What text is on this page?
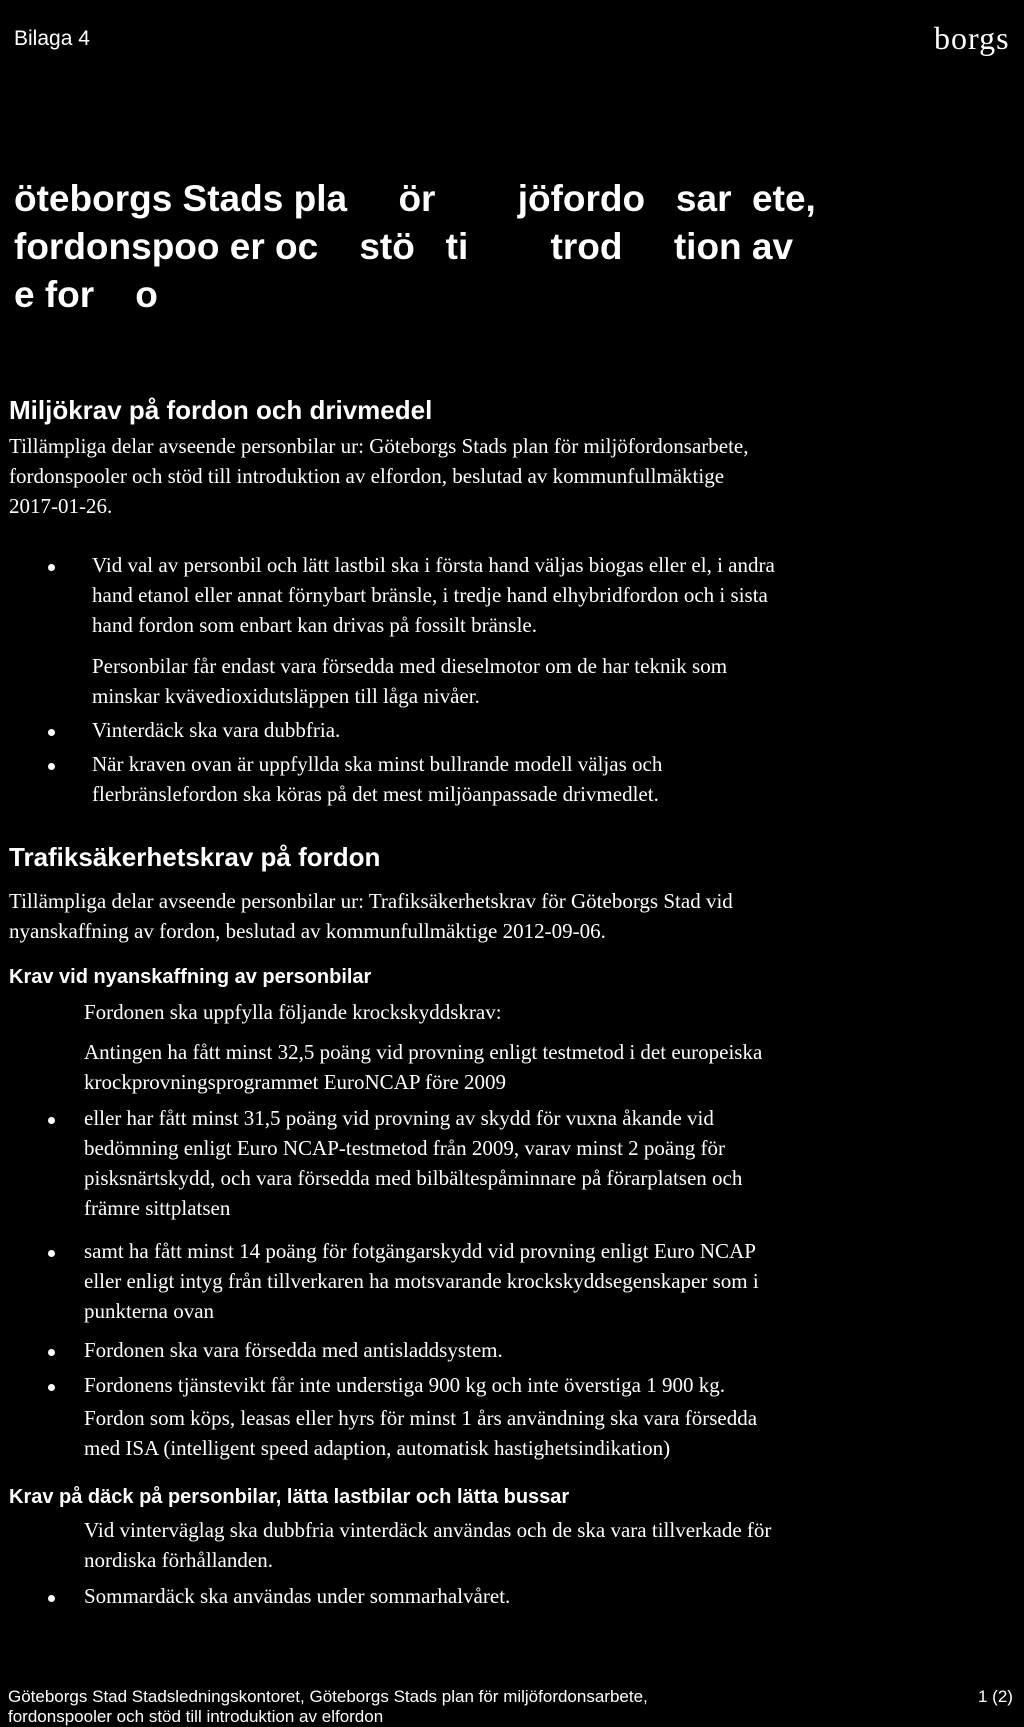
Bilaga 4	borgs
öteborgs Stads pla     ör        jöfordo   sar  ete,
fordonspoo er oc    stö   ti        trod     tion av
e for    o
Miljökrav på fordon och drivmedel
Tillämpliga delar avseende personbilar ur: Göteborgs Stads plan för miljöfordonsarbete,
fordonspooler och stöd till introduktion av elfordon, beslutad av kommunfullmäktige
2017-01-26.
Vid val av personbil och lätt lastbil ska i första hand väljas biogas eller el, i andra
hand etanol eller annat förnybart bränsle, i tredje hand elhybridfordon och i sista
hand fordon som enbart kan drivas på fossilt bränsle.
Personbilar får endast vara försedda med dieselmotor om de har teknik som
minskar kvävedioxidutsläppen till låga nivåer.
Vinterdäck ska vara dubbfria.
När kraven ovan är uppfyllda ska minst bullrande modell väljas och
flerbränslefordon ska köras på det mest miljöanpassade drivmedlet.
Trafiksäkerhetskrav på fordon
Tillämpliga delar avseende personbilar ur: Trafiksäkerhetskrav för Göteborgs Stad vid
nyanskaffning av fordon, beslutad av kommunfullmäktige 2012-09-06.
Krav vid nyanskaffning av personbilar
Fordonen ska uppfylla följande krockskyddskrav:
Antingen ha fått minst 32,5 poäng vid provning enligt testmetod i det europeiska
krockprovningsprogrammet EuroNCAP före 2009
eller har fått minst 31,5 poäng vid provning av skydd för vuxna åkande vid
bedömning enligt Euro NCAP-testmetod från 2009, varav minst 2 poäng för
pisksnärtskydd, och vara försedda med bilbältespåminnare på förarplatsen och
främre sittplatsen
samt ha fått minst 14 poäng för fotgängarskydd vid provning enligt Euro NCAP
eller enligt intyg från tillverkaren ha motsvarande krockskyddsegenskaper som i
punkterna ovan
Fordonen ska vara försedda med antisladdsystem.
Fordonens tjänstevikt får inte understiga 900 kg och inte överstiga 1 900 kg.
Fordon som köps, leasas eller hyrs för minst 1 års användning ska vara försedda
med ISA (intelligent speed adaption, automatisk hastighetsindikation)
Krav på däck på personbilar, lätta lastbilar och lätta bussar
Vid vinterväglag ska dubbfria vinterdäck användas och de ska vara tillverkade för
nordiska förhållanden.
Sommardäck ska användas under sommarhalvåret.
Göteborgs Stad Stadsledningskontoret, Göteborgs Stads plan för miljöfordonsarbete,
fordonspooler och stöd till introduktion av elfordon
1 (2)
